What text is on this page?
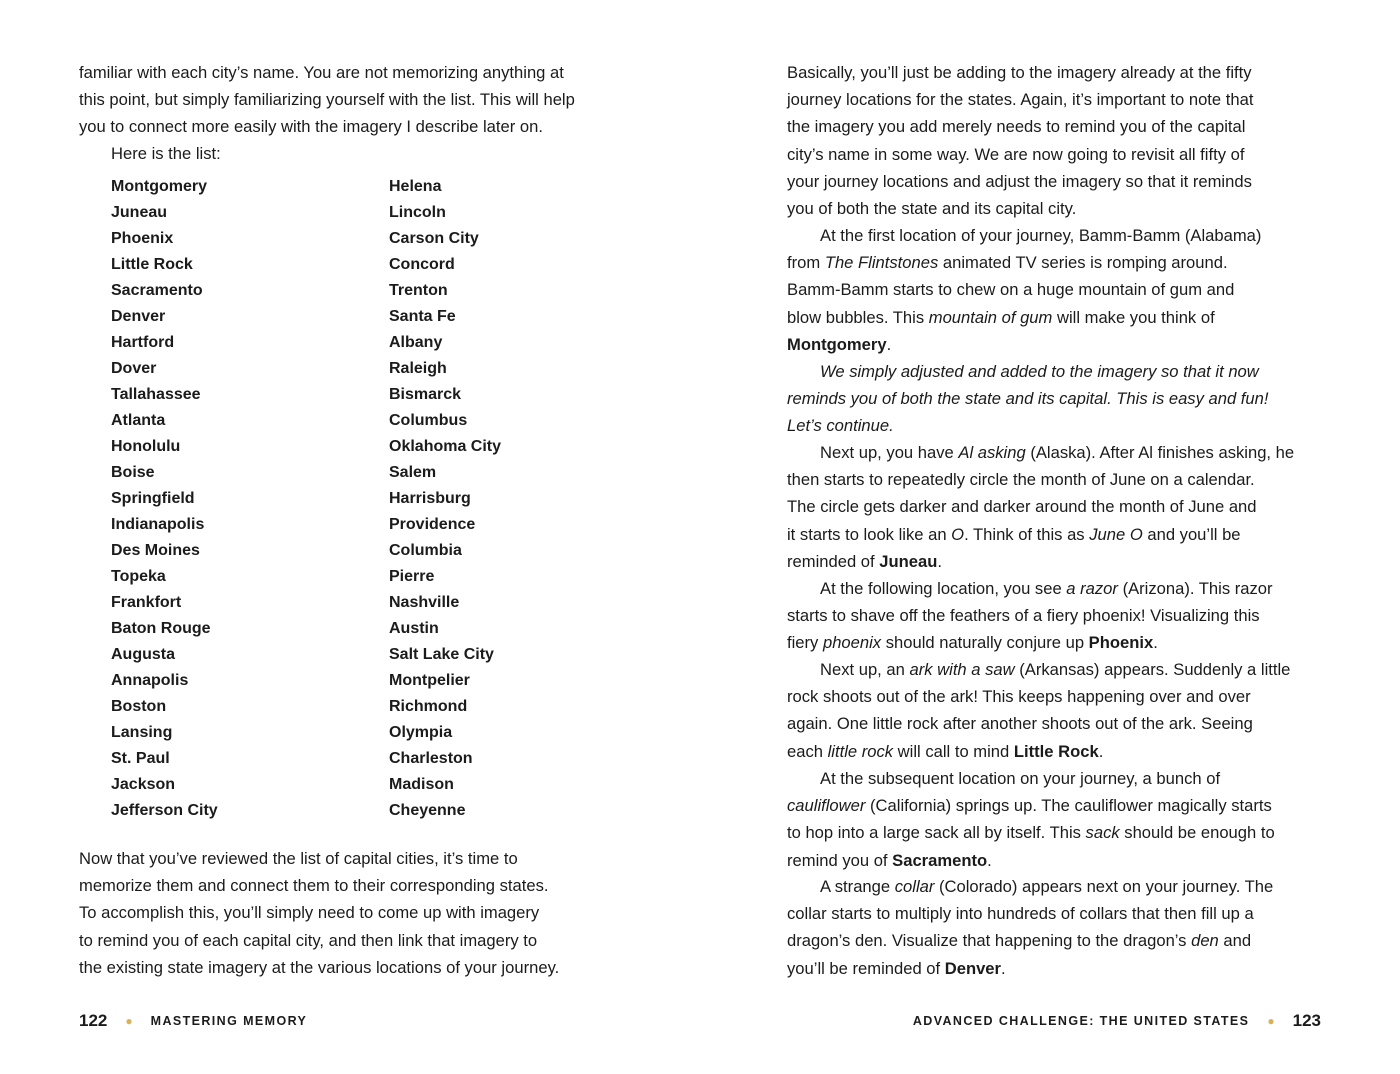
familiar with each city’s name. You are not memorizing anything at
this point, but simply familiarizing yourself with the list. This will help
you to connect more easily with the imagery I describe later on.

Here is the list:

Montgomery
Juneau
Phoenix
Little Rock
Sacramento
Denver
Hartford
Dover
Tallahassee
Atlanta
Honolulu
Boise
Springfield
Indianapolis
Des Moines
Topeka
Frankfort
Baton Rouge
Augusta
Annapolis
Boston
Lansing
St. Paul
Jackson
Jefferson City
Helena
Lincoln
Carson City
Concord
Trenton
Santa Fe
Albany
Raleigh
Bismarck
Columbus
Oklahoma City
Salem
Harrisburg
Providence
Columbia
Pierre
Nashville
Austin
Salt Lake City
Montpelier
Richmond
Olympia
Charleston
Madison
Cheyenne

Now that you’ve reviewed the list of capital cities, it’s time to
memorize them and connect them to their corresponding states.
To accomplish this, you’ll simply need to come up with imagery
to remind you of each capital city, and then link that imagery to
the existing state imagery at the various locations of your journey.

122 ● MASTERING MEMORY

Basically, you’ll just be adding to the imagery already at the fifty
journey locations for the states. Again, it’s important to note that
the imagery you add merely needs to remind you of the capital
city’s name in some way. We are now going to revisit all fifty of
your journey locations and adjust the imagery so that it reminds
you of both the state and its capital city.

At the first location of your journey, Bamm-Bamm (Alabama)
from The Flintstones animated TV series is romping around.
Bamm-Bamm starts to chew on a huge mountain of gum and
blow bubbles. This mountain of gum will make you think of
Montgomery.

We simply adjusted and added to the imagery so that it now
reminds you of both the state and its capital. This is easy and fun!
Let’s continue.

Next up, you have Al asking (Alaska). After Al finishes asking, he
then starts to repeatedly circle the month of June on a calendar.
The circle gets darker and darker around the month of June and
it starts to look like an O. Think of this as June O and you’ll be
reminded of Juneau.

At the following location, you see a razor (Arizona). This razor
starts to shave off the feathers of a fiery phoenix! Visualizing this
fiery phoenix should naturally conjure up Phoenix.

Next up, an ark with a saw (Arkansas) appears. Suddenly a little
rock shoots out of the ark! This keeps happening over and over
again. One little rock after another shoots out of the ark. Seeing
each little rock will call to mind Little Rock.

At the subsequent location on your journey, a bunch of
cauliflower (California) springs up. The cauliflower magically starts
to hop into a large sack all by itself. This sack should be enough to
remind you of Sacramento.

A strange collar (Colorado) appears next on your journey. The
collar starts to multiply into hundreds of collars that then fill up a
dragon’s den. Visualize that happening to the dragon’s den and
you’ll be reminded of Denver.

ADVANCED CHALLENGE: THE UNITED STATES ● 123
